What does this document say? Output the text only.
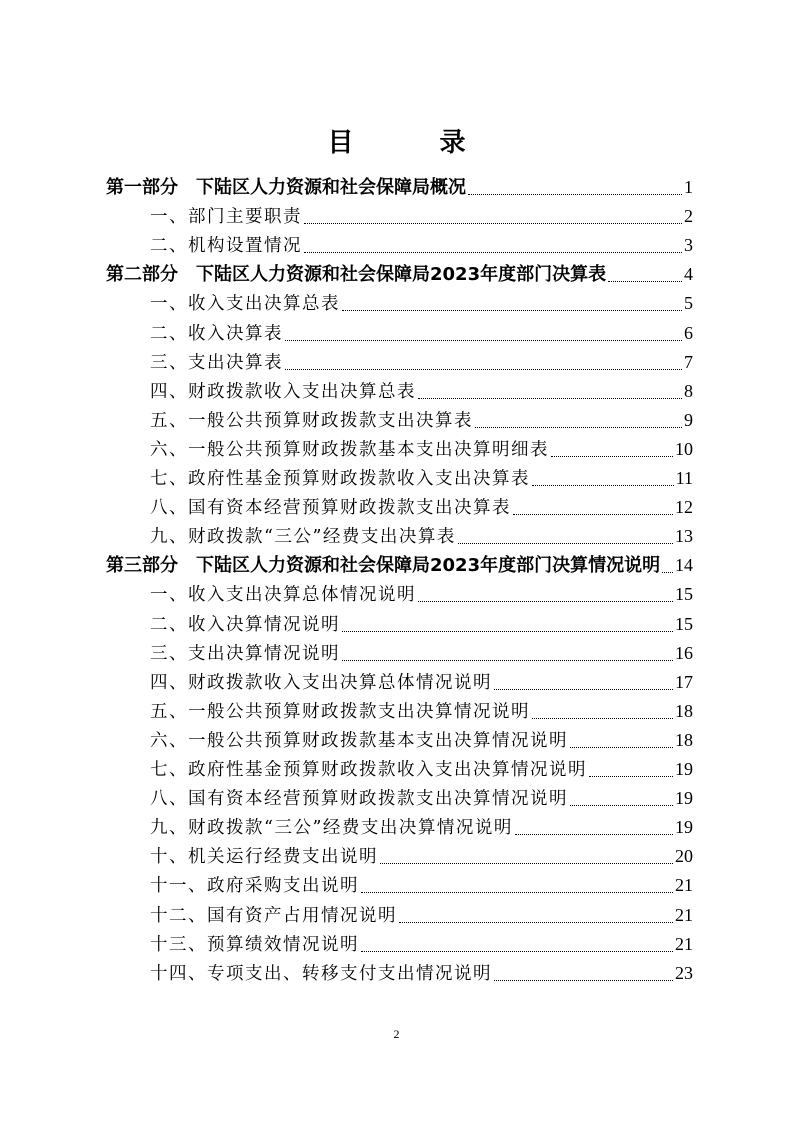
目　录
第一部分　下陆区人力资源和社会保障局概况	1
一、部门主要职责	2
二、机构设置情况	3
第二部分　下陆区人力资源和社会保障局2023年度部门决算表	4
一、收入支出决算总表	5
二、收入决算表	6
三、支出决算表	7
四、财政拨款收入支出决算总表	8
五、一般公共预算财政拨款支出决算表	9
六、一般公共预算财政拨款基本支出决算明细表	10
七、政府性基金预算财政拨款收入支出决算表	11
八、国有资本经营预算财政拨款支出决算表	12
九、财政拨款“三公”经费支出决算表	13
第三部分　下陆区人力资源和社会保障局2023年度部门决算情况说明 14
一、收入支出决算总体情况说明	15
二、收入决算情况说明	15
三、支出决算情况说明	16
四、财政拨款收入支出决算总体情况说明	17
五、一般公共预算财政拨款支出决算情况说明	18
六、一般公共预算财政拨款基本支出决算情况说明	18
七、政府性基金预算财政拨款收入支出决算情况说明	19
八、国有资本经营预算财政拨款支出决算情况说明	19
九、财政拨款“三公”经费支出决算情况说明	19
十、机关运行经费支出说明	20
十一、政府采购支出说明	21
十二、国有资产占用情况说明	21
十三、预算绩效情况说明	21
十四、专项支出、转移支付支出情况说明	23
2
